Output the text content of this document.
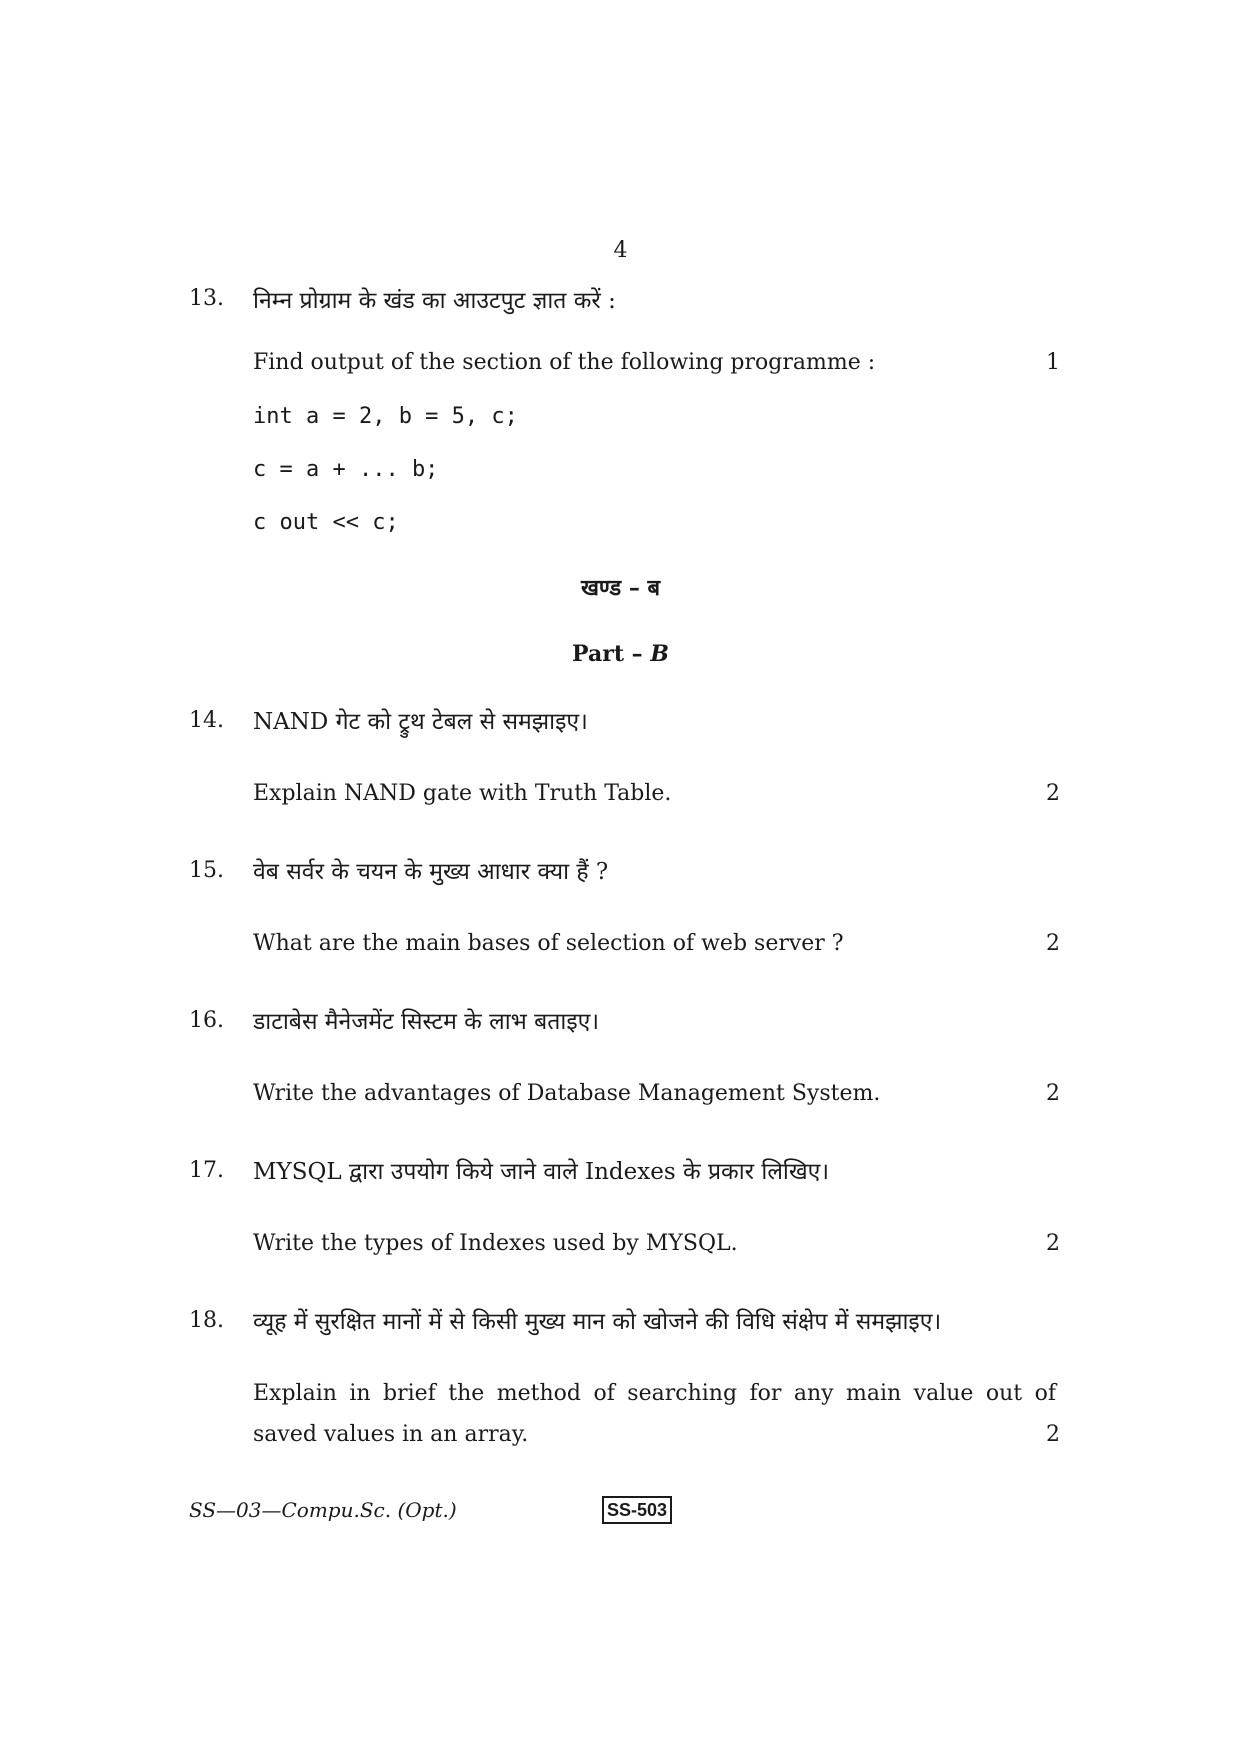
4
13. निम्न प्रोग्राम के खंड का आउटपुट ज्ञात करें :
Find output of the section of the following programme :	1
int a = 2, b = 5, c;
c = a + ... b;
c out << c;
खण्ड – ब
Part – B
14. NAND गेट को ट्रुथ टेबल से समझाइए।
Explain NAND gate with Truth Table.	2
15. वेब सर्वर के चयन के मुख्य आधार क्या हैं ?
What are the main bases of selection of web server ?	2
16. डाटाबेस मैनेजमेंट सिस्टम के लाभ बताइए।
Write the advantages of Database Management System.	2
17. MYSQL द्वारा उपयोग किये जाने वाले Indexes के प्रकार लिखिए।
Write the types of Indexes used by MYSQL.	2
18. व्यूह में सुरक्षित मानों में से किसी मुख्य मान को खोजने की विधि संक्षेप में समझाइए।
Explain in brief the method of searching for any main value out of
saved values in an array.	2
SS—03—Compu.Sc. (Opt.)	SS-503
